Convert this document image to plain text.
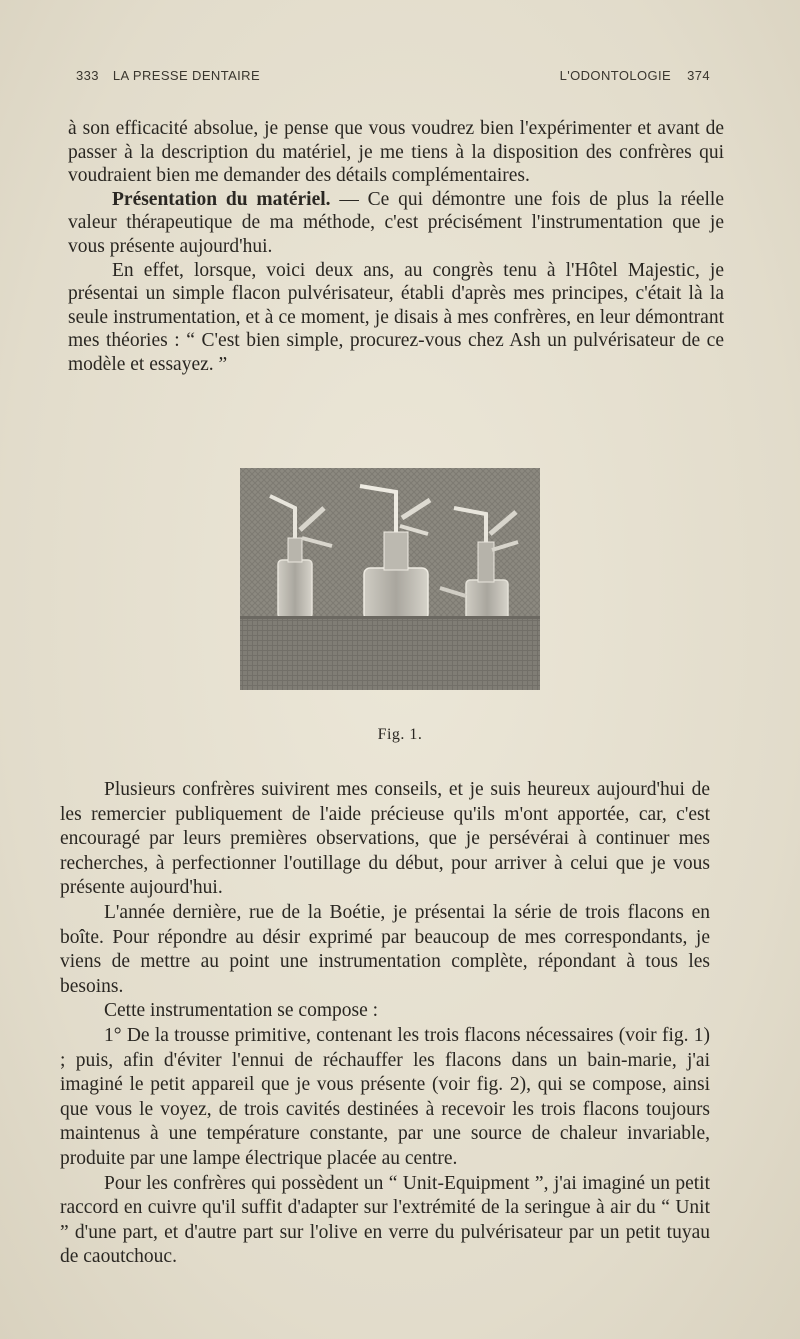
333 LA PRESSE DENTAIRE	L'ODONTOLOGIE 374

à son efficacité absolue, je pense que vous voudrez bien l'expérimenter et avant de passer à la description du matériel, je me tiens à la disposition des confrères qui voudraient bien me demander des détails complémentaires.

Présentation du matériel. — Ce qui démontre une fois de plus la réelle valeur thérapeutique de ma méthode, c'est précisément l'instrumentation que je vous présente aujourd'hui.

En effet, lorsque, voici deux ans, au congrès tenu à l'Hôtel Majestic, je présentai un simple flacon pulvérisateur, établi d'après mes principes, c'était là la seule instrumentation, et à ce moment, je disais à mes confrères, en leur démontrant mes théories : “ C'est bien simple, procurez-vous chez Ash un pulvérisateur de ce modèle et essayez. ”

Fig. 1.

Plusieurs confrères suivirent mes conseils, et je suis heureux aujourd'hui de les remercier publiquement de l'aide précieuse qu'ils m'ont apportée, car, c'est encouragé par leurs premières observations, que je persévérai à continuer mes recherches, à perfectionner l'outillage du début, pour arriver à celui que je vous présente aujourd'hui.

L'année dernière, rue de la Boétie, je présentai la série de trois flacons en boîte. Pour répondre au désir exprimé par beaucoup de mes correspondants, je viens de mettre au point une instrumentation complète, répondant à tous les besoins.

Cette instrumentation se compose :

1° De la trousse primitive, contenant les trois flacons nécessaires (voir fig. 1) ; puis, afin d'éviter l'ennui de réchauffer les flacons dans un bain-marie, j'ai imaginé le petit appareil que je vous présente (voir fig. 2), qui se compose, ainsi que vous le voyez, de trois cavités destinées à recevoir les trois flacons toujours maintenus à une température constante, par une source de chaleur invariable, produite par une lampe électrique placée au centre.

Pour les confrères qui possèdent un “ Unit-Equipment ”, j'ai imaginé un petit raccord en cuivre qu'il suffit d'adapter sur l'extrémité de la seringue à air du “ Unit ” d'une part, et d'autre part sur l'olive en verre du pulvérisateur par un petit tuyau de caoutchouc.
